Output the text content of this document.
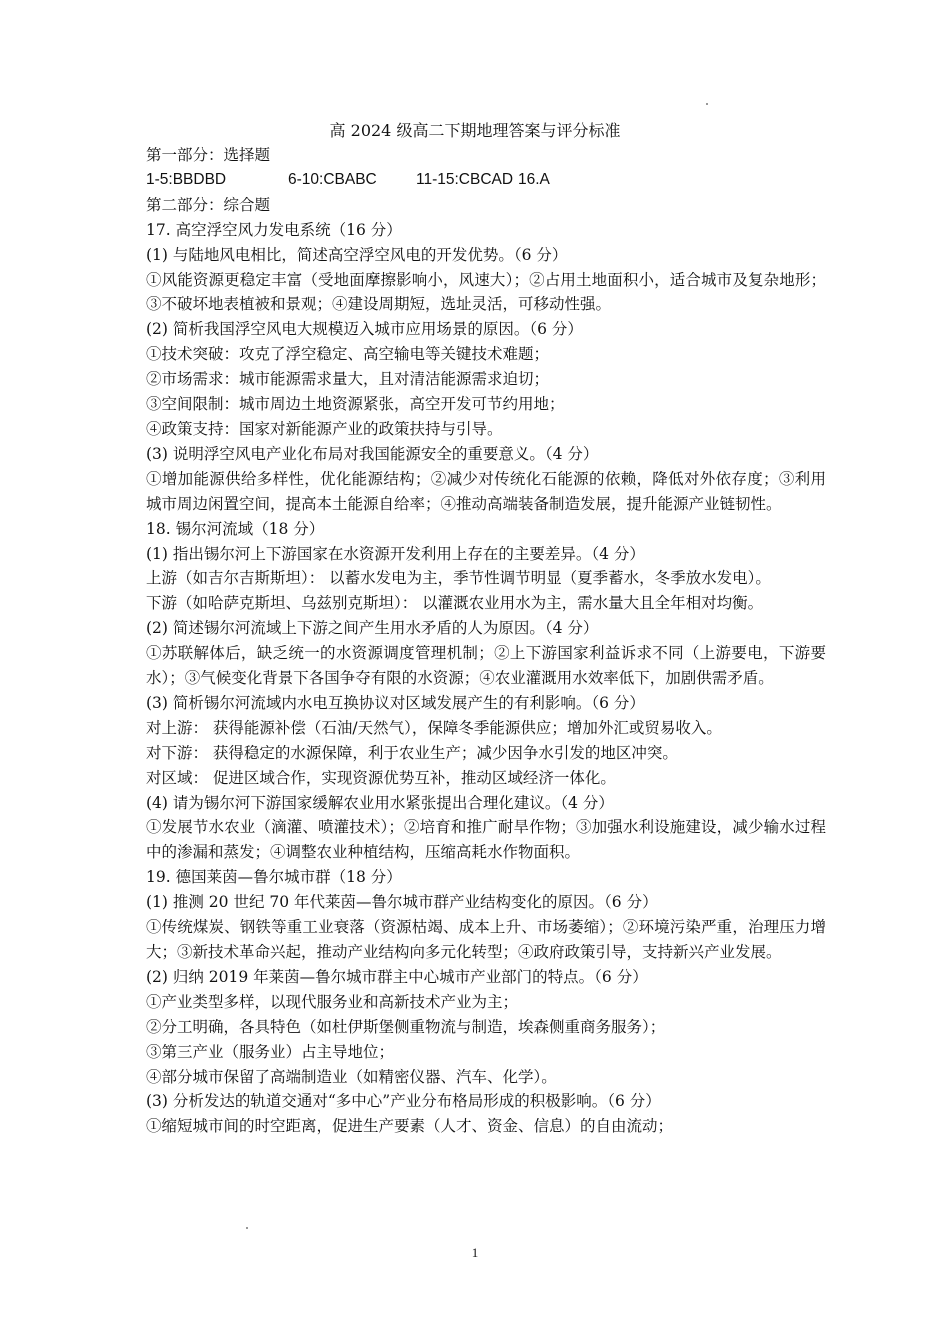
高 2024 级高二下期地理答案与评分标准
第一部分：选择题
1-5:BBDBD	6-10:CBABC	11-15:CBCAD 16.A
第二部分：综合题
17. 高空浮空风力发电系统（16 分）
(1) 与陆地风电相比，简述高空浮空风电的开发优势。（6 分）
①风能资源更稳定丰富（受地面摩擦影响小，风速大）；②占用土地面积小，适合城市及复杂地形；③不破坏地表植被和景观；④建设周期短，选址灵活，可移动性强。
(2) 简析我国浮空风电大规模迈入城市应用场景的原因。（6 分）
①技术突破：攻克了浮空稳定、高空输电等关键技术难题；
②市场需求：城市能源需求量大，且对清洁能源需求迫切；
③空间限制：城市周边土地资源紧张，高空开发可节约用地；
④政策支持：国家对新能源产业的政策扶持与引导。
(3) 说明浮空风电产业化布局对我国能源安全的重要意义。（4 分）
①增加能源供给多样性，优化能源结构；②减少对传统化石能源的依赖，降低对外依存度；③利用城市周边闲置空间，提高本土能源自给率；④推动高端装备制造发展，提升能源产业链韧性。
18. 锡尔河流域（18 分）
(1) 指出锡尔河上下游国家在水资源开发利用上存在的主要差异。（4 分）
上游（如吉尔吉斯斯坦）： 以蓄水发电为主，季节性调节明显（夏季蓄水，冬季放水发电）。
下游（如哈萨克斯坦、乌兹别克斯坦）： 以灌溉农业用水为主，需水量大且全年相对均衡。
(2) 简述锡尔河流域上下游之间产生用水矛盾的人为原因。（4 分）
①苏联解体后，缺乏统一的水资源调度管理机制；②上下游国家利益诉求不同（上游要电，下游要水）；③气候变化背景下各国争夺有限的水资源；④农业灌溉用水效率低下，加剧供需矛盾。
(3) 简析锡尔河流域内水电互换协议对区域发展产生的有利影响。（6 分）
对上游： 获得能源补偿（石油/天然气），保障冬季能源供应；增加外汇或贸易收入。
对下游： 获得稳定的水源保障，利于农业生产；减少因争水引发的地区冲突。
对区域： 促进区域合作，实现资源优势互补，推动区域经济一体化。
(4) 请为锡尔河下游国家缓解农业用水紧张提出合理化建议。（4 分）
①发展节水农业（滴灌、喷灌技术）；②培育和推广耐旱作物；③加强水利设施建设，减少输水过程中的渗漏和蒸发；④调整农业种植结构，压缩高耗水作物面积。
19. 德国莱茵—鲁尔城市群（18 分）
(1) 推测 20 世纪 70 年代莱茵—鲁尔城市群产业结构变化的原因。（6 分）
①传统煤炭、钢铁等重工业衰落（资源枯竭、成本上升、市场萎缩）；②环境污染严重，治理压力增大；③新技术革命兴起，推动产业结构向多元化转型；④政府政策引导，支持新兴产业发展。
(2) 归纳 2019 年莱茵—鲁尔城市群主中心城市产业部门的特点。（6 分）
①产业类型多样，以现代服务业和高新技术产业为主；
②分工明确，各具特色（如杜伊斯堡侧重物流与制造，埃森侧重商务服务）；
③第三产业（服务业）占主导地位；
④部分城市保留了高端制造业（如精密仪器、汽车、化学）。
(3) 分析发达的轨道交通对“多中心”产业分布格局形成的积极影响。（6 分）
①缩短城市间的时空距离，促进生产要素（人才、资金、信息）的自由流动；
1
